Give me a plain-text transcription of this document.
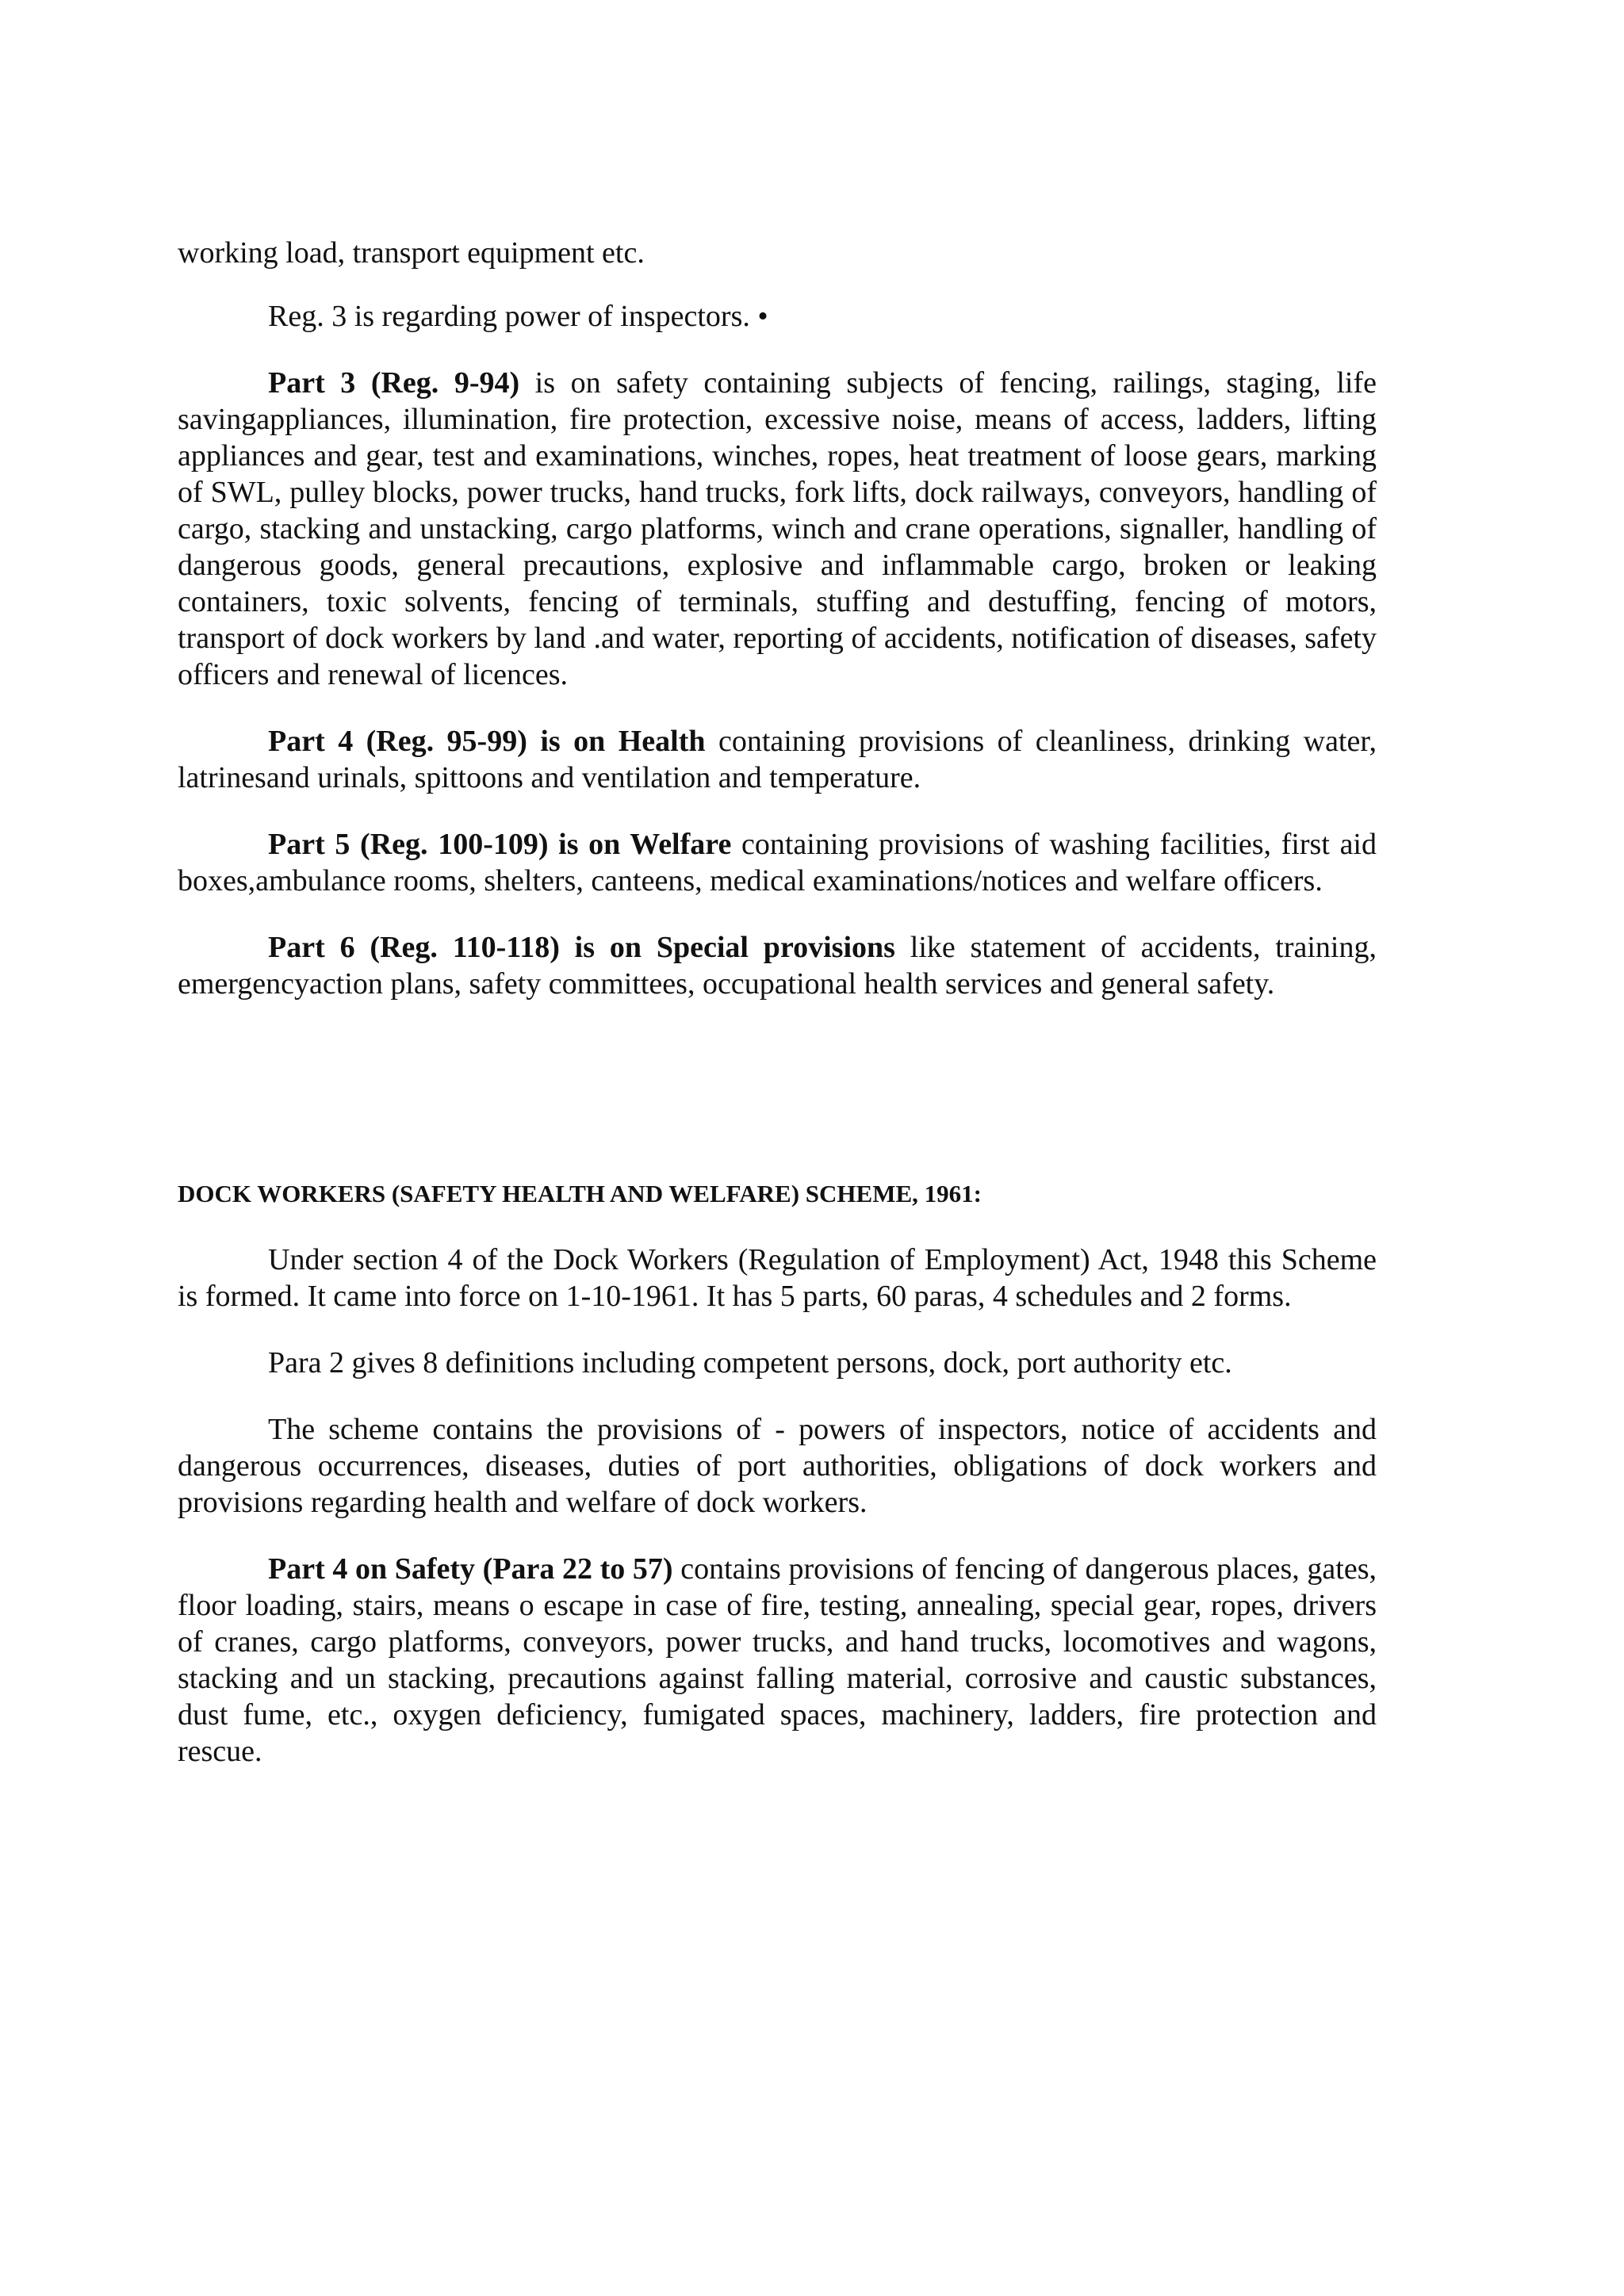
working load, transport equipment etc.

Reg. 3 is regarding power of inspectors. •

Part 3 (Reg. 9-94) is on safety containing subjects of fencing, railings, staging, life savingappliances, illumination, fire protection, excessive noise, means of access, ladders, lifting appliances and gear, test and examinations, winches, ropes, heat treatment of loose gears, marking of SWL, pulley blocks, power trucks, hand trucks, fork lifts, dock railways, conveyors, handling of cargo, stacking and unstacking, cargo platforms, winch and crane operations, signaller, handling of dangerous goods, general precautions, explosive and inflammable cargo, broken or leaking containers, toxic solvents, fencing of terminals, stuffing and destuffing, fencing of motors, transport of dock workers by land .and water, reporting of accidents, notification of diseases, safety officers and renewal of licences.

Part 4 (Reg. 95-99) is on Health containing provisions of cleanliness, drinking water, latrinesand urinals, spittoons and ventilation and temperature.

Part 5 (Reg. 100-109) is on Welfare containing provisions of washing facilities, first aid boxes,ambulance rooms, shelters, canteens, medical examinations/notices and welfare officers.

Part 6 (Reg. 110-118) is on Special provisions like statement of accidents, training, emergencyaction plans, safety committees, occupational health services and general safety.

DOCK WORKERS (SAFETY HEALTH AND WELFARE) SCHEME, 1961:

Under section 4 of the Dock Workers (Regulation of Employment) Act, 1948 this Scheme is formed. It came into force on 1-10-1961. It has 5 parts, 60 paras, 4 schedules and 2 forms.

Para 2 gives 8 definitions including competent persons, dock, port authority etc.

The scheme contains the provisions of - powers of inspectors, notice of accidents and dangerous occurrences, diseases, duties of port authorities, obligations of dock workers and provisions regarding health and welfare of dock workers.

Part 4 on Safety (Para 22 to 57) contains provisions of fencing of dangerous places, gates, floor loading, stairs, means o escape in case of fire, testing, annealing, special gear, ropes, drivers of cranes, cargo platforms, conveyors, power trucks, and hand trucks, locomotives and wagons, stacking and un stacking, precautions against falling material, corrosive and caustic substances, dust fume, etc., oxygen deficiency, fumigated spaces, machinery, ladders, fire protection and rescue.
